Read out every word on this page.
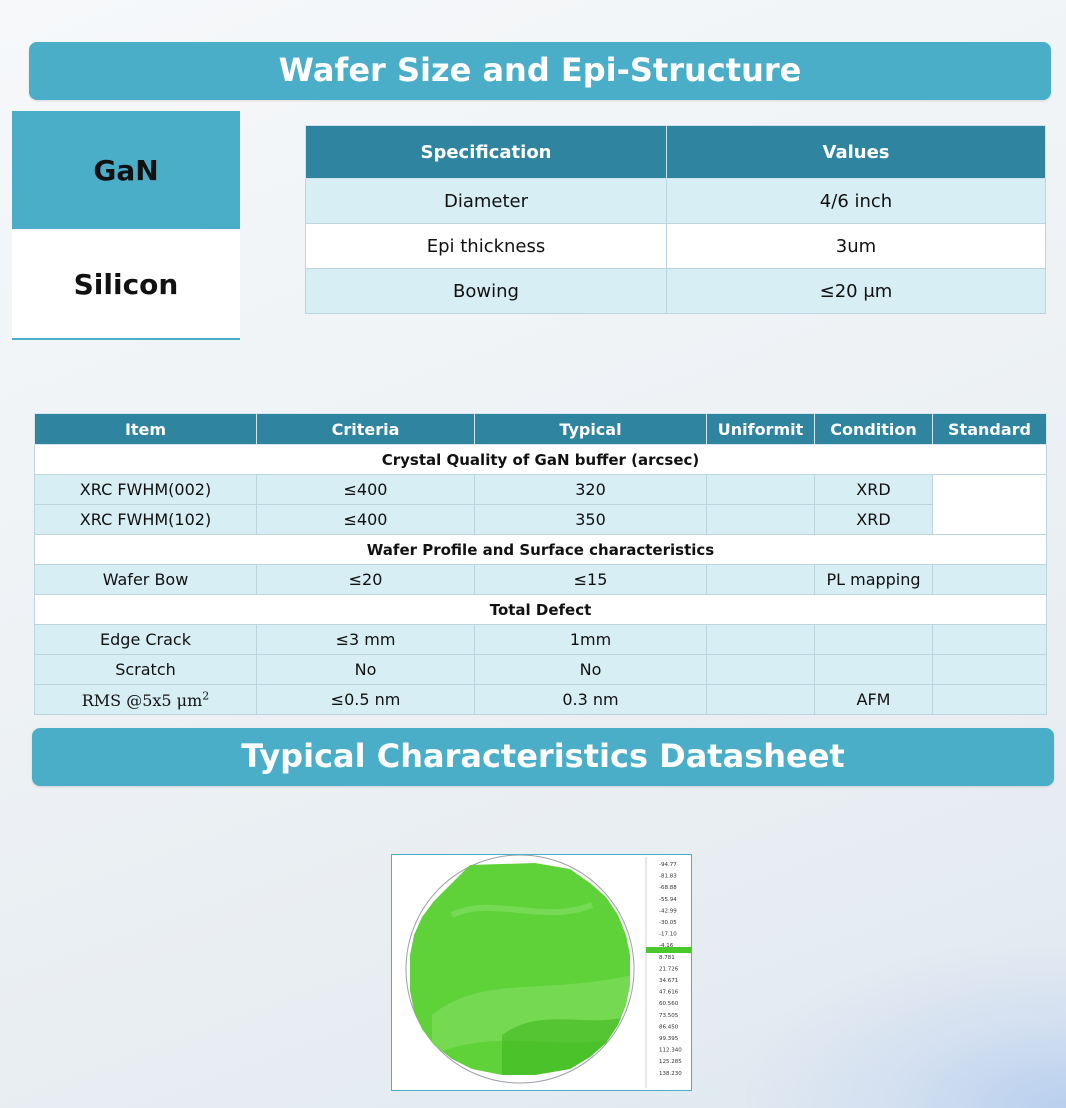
Wafer Size and Epi-Structure
GaN
Silicon
Specification	Values
Diameter	4/6 inch
Epi thickness	3um
Bowing	≤20 μm
Item	Criteria	Typical	Uniformit	Condition	Standard
Crystal Quality of GaN buffer (arcsec)					
XRC FWHM(002)	≤400	320		XRD	
XRC FWHM(102)	≤400	350		XRD	
Wafer Profile and Surface characteristics					
Wafer Bow	≤20	≤15		PL mapping	
Total Defect					
Edge Crack	≤3 mm	1mm			
Scratch	No	No			
RMS @5x5 $\mu m^2$	≤0.5 nm	0.3 nm		AFM	
Typical Characteristics Datasheet
-94.77
-81.83
-68.88
-55.94
-42.99
-30.05
-17.10
-4.16
8.781
21.726
34.671
47.616
60.560
73.505
86.450
99.395
112.340
125.285
138.230
